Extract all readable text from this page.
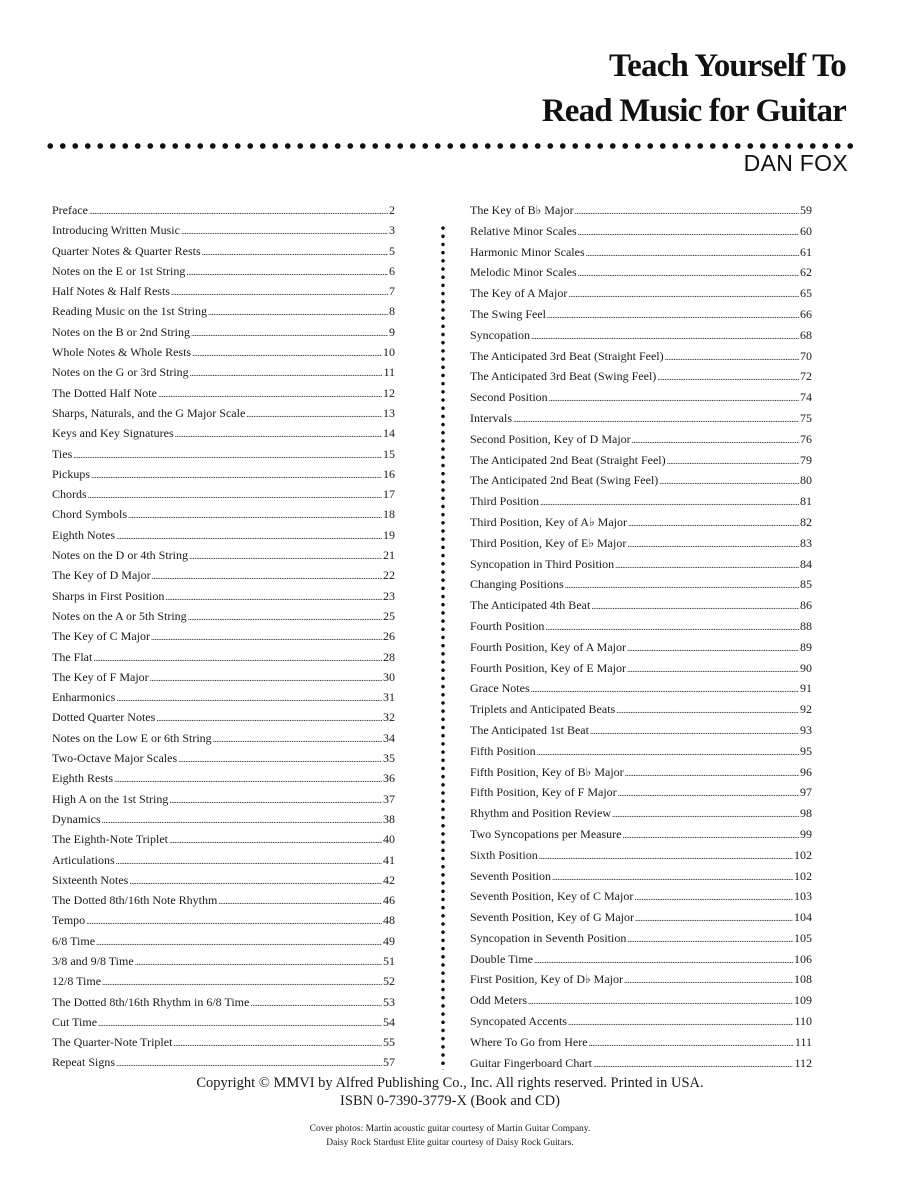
Teach Yourself To
Read Music for Guitar
DAN FOX
Preface .....	2
Introducing Written Music .....	3
Quarter Notes & Quarter Rests .....	5
Notes on the E or 1st String .....	6
Half Notes & Half Rests .....	7
Reading Music on the 1st String .....	8
Notes on the B or 2nd String .....	9
Whole Notes & Whole Rests .....	10
Notes on the G or 3rd String .....	11
The Dotted Half Note .....	12
Sharps, Naturals, and the G Major Scale .....	13
Keys and Key Signatures .....	14
Ties .....	15
Pickups .....	16
Chords .....	17
Chord Symbols .....	18
Eighth Notes .....	19
Notes on the D or 4th String .....	21
The Key of D Major .....	22
Sharps in First Position .....	23
Notes on the A or 5th String .....	25
The Key of C Major .....	26
The Flat .....	28
The Key of F Major .....	30
Enharmonics .....	31
Dotted Quarter Notes .....	32
Notes on the Low E or 6th String .....	34
Two-Octave Major Scales .....	35
Eighth Rests .....	36
High A on the 1st String .....	37
Dynamics .....	38
The Eighth-Note Triplet .....	40
Articulations .....	41
Sixteenth Notes .....	42
The Dotted 8th/16th Note Rhythm .....	46
Tempo .....	48
6/8 Time .....	49
3/8 and 9/8 Time .....	51
12/8 Time .....	52
The Dotted 8th/16th Rhythm in 6/8 Time .....	53
Cut Time .....	54
The Quarter-Note Triplet .....	55
Repeat Signs .....	57
The Key of B♭ Major .....	59
Relative Minor Scales .....	60
Harmonic Minor Scales .....	61
Melodic Minor Scales .....	62
The Key of A Major .....	65
The Swing Feel .....	66
Syncopation .....	68
The Anticipated 3rd Beat (Straight Feel) .....	70
The Anticipated 3rd Beat (Swing Feel) .....	72
Second Position .....	74
Intervals .....	75
Second Position, Key of D Major .....	76
The Anticipated 2nd Beat (Straight Feel) .....	79
The Anticipated 2nd Beat (Swing Feel) .....	80
Third Position .....	81
Third Position, Key of A♭ Major .....	82
Third Position, Key of E♭ Major .....	83
Syncopation in Third Position .....	84
Changing Positions .....	85
The Anticipated 4th Beat .....	86
Fourth Position .....	88
Fourth Position, Key of A Major .....	89
Fourth Position, Key of E Major .....	90
Grace Notes .....	91
Triplets and Anticipated Beats .....	92
The Anticipated 1st Beat .....	93
Fifth Position .....	95
Fifth Position, Key of B♭ Major .....	96
Fifth Position, Key of F Major .....	97
Rhythm and Position Review .....	98
Two Syncopations per Measure .....	99
Sixth Position .....	102
Seventh Position .....	102
Seventh Position, Key of C Major .....	103
Seventh Position, Key of G Major .....	104
Syncopation in Seventh Position .....	105
Double Time .....	106
First Position, Key of D♭ Major .....	108
Odd Meters .....	109
Syncopated Accents .....	110
Where To Go from Here .....	111
Guitar Fingerboard Chart .....	112
Copyright © MMVI by Alfred Publishing Co., Inc. All rights reserved. Printed in USA.
ISBN 0-7390-3779-X (Book and CD)
Cover photos: Martin acoustic guitar courtesy of Martin Guitar Company.
Daisy Rock Stardust Elite guitar courtesy of Daisy Rock Guitars.
